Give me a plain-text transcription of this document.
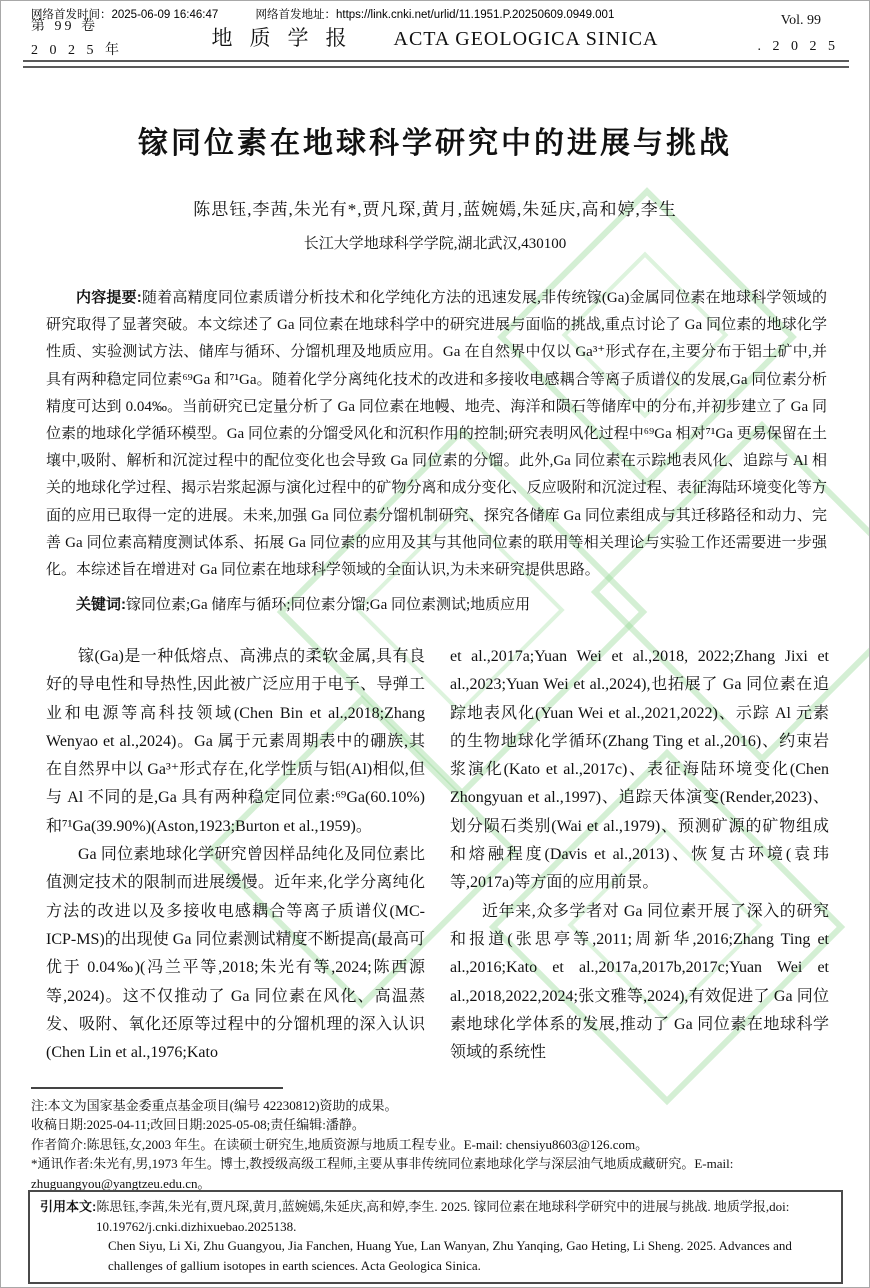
网络首发时间：2025-06-09 16:46:47	网络首发地址：https://link.cnki.net/urlid/11.1951.P.20250609.0949.001
第 99 卷
2 0 2 5 年
地质学报 ACTA GEOLOGICA SINICA
Vol. 99
. 2 0 2 5
镓同位素在地球科学研究中的进展与挑战
陈思钰,李茜,朱光有*,贾凡琛,黄月,蓝婉嫣,朱延庆,高和婷,李生
长江大学地球科学学院,湖北武汉,430100
内容提要:随着高精度同位素质谱分析技术和化学纯化方法的迅速发展,非传统镓(Ga)金属同位素在地球科学领域的研究取得了显著突破。本文综述了 Ga 同位素在地球科学中的研究进展与面临的挑战,重点讨论了 Ga 同位素的地球化学性质、实验测试方法、储库与循环、分馏机理及地质应用。Ga 在自然界中仅以 Ga³⁺形式存在,主要分布于铝土矿中,并具有两种稳定同位素⁶⁹Ga 和⁷¹Ga。随着化学分离纯化技术的改进和多接收电感耦合等离子质谱仪的发展,Ga 同位素分析精度可达到 0.04‰。当前研究已定量分析了 Ga 同位素在地幔、地壳、海洋和陨石等储库中的分布,并初步建立了 Ga 同位素的地球化学循环模型。Ga 同位素的分馏受风化和沉积作用的控制;研究表明风化过程中⁶⁹Ga 相对⁷¹Ga 更易保留在土壤中,吸附、解析和沉淀过程中的配位变化也会导致 Ga 同位素的分馏。此外,Ga 同位素在示踪地表风化、追踪与 Al 相关的地球化学过程、揭示岩浆起源与演化过程中的矿物分离和成分变化、反应吸附和沉淀过程、表征海陆环境变化等方面的应用已取得一定的进展。未来,加强 Ga 同位素分馏机制研究、探究各储库 Ga 同位素组成与其迁移路径和动力、完善 Ga 同位素高精度测试体系、拓展 Ga 同位素的应用及其与其他同位素的联用等相关理论与实验工作还需要进一步强化。本综述旨在增进对 Ga 同位素在地球科学领域的全面认识,为未来研究提供思路。
关键词:镓同位素;Ga 储库与循环;同位素分馏;Ga 同位素测试;地质应用

镓(Ga)是一种低熔点、高沸点的柔软金属,具有良好的导电性和导热性,因此被广泛应用于电子、导弹工业和电源等高科技领域(Chen Bin et al.,2018;Zhang Wenyao et al.,2024)。Ga 属于元素周期表中的硼族,其在自然界中以 Ga³⁺形式存在,化学性质与铝(Al)相似,但与 Al 不同的是,Ga 具有两种稳定同位素:⁶⁹Ga(60.10%)和⁷¹Ga(39.90%)(Aston,1923;Burton et al.,1959)。

Ga 同位素地球化学研究曾因样品纯化及同位素比值测定技术的限制而进展缓慢。近年来,化学分离纯化方法的改进以及多接收电感耦合等离子质谱仪(MC-ICP-MS)的出现使 Ga 同位素测试精度不断提高(最高可优于 0.04‰)(冯兰平等,2018;朱光有等,2024;陈西源等,2024)。这不仅推动了 Ga 同位素在风化、高温蒸发、吸附、氧化还原等过程中的分馏机理的深入认识(Chen Lin et al.,1976;Kato

et al.,2017a;Yuan Wei et al.,2018, 2022;Zhang Jixi et al.,2023;Yuan Wei et al.,2024),也拓展了 Ga 同位素在追踪地表风化(Yuan Wei et al.,2021,2022)、示踪 Al 元素的生物地球化学循环(Zhang Ting et al.,2016)、约束岩浆演化(Kato et al.,2017c)、表征海陆环境变化(Chen Zhongyuan et al.,1997)、追踪天体演变(Render,2023)、划分陨石类别(Wai et al.,1979)、预测矿源的矿物组成和熔融程度(Davis et al.,2013)、恢复古环境(袁玮等,2017a)等方面的应用前景。

近年来,众多学者对 Ga 同位素开展了深入的研究和报道(张思亭等,2011;周新华,2016;Zhang Ting et al.,2016;Kato et al.,2017a,2017b,2017c;Yuan Wei et al.,2018,2022,2024;张文雅等,2024),有效促进了 Ga 同位素地球化学体系的发展,推动了 Ga 同位素在地球科学领域的系统性

注:本文为国家基金委重点基金项目(编号 42230812)资助的成果。

收稿日期:2025-04-11;改回日期:2025-05-08;责任编辑:潘静。

作者简介:陈思钰,女,2003 年生。在读硕士研究生,地质资源与地质工程专业。E-mail: chensiyu8603@126.com。

*通讯作者:朱光有,男,1973 年生。博士,教授级高级工程师,主要从事非传统同位素地球化学与深层油气地质成藏研究。E-mail: zhuguangyou@yangtzeu.edu.cn。

引用本文:陈思钰,李茜,朱光有,贾凡琛,黄月,蓝婉嫣,朱延庆,高和婷,李生. 2025. 镓同位素在地球科学研究中的进展与挑战. 地质学报,doi: 10.19762/j.cnki.dizhixuebao.2025138.
Chen Siyu, Li Xi, Zhu Guangyou, Jia Fanchen, Huang Yue, Lan Wanyan, Zhu Yanqing, Gao Heting, Li Sheng. 2025. Advances and challenges of gallium isotopes in earth sciences. Acta Geologica Sinica.
